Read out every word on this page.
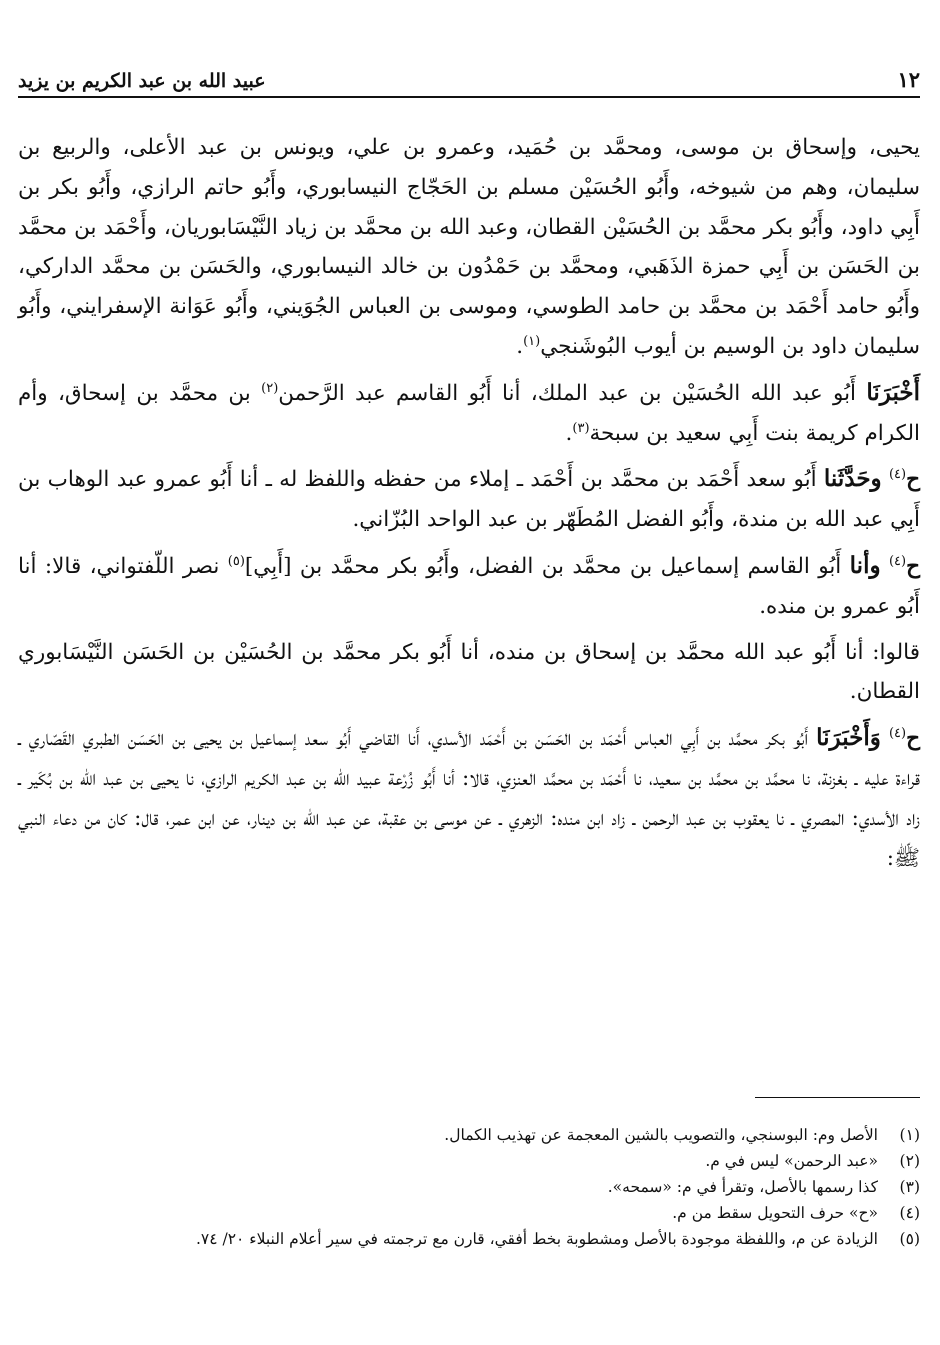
١٢
عبيد الله بن عبد الكريم بن يزيد

يحيى، وإسحاق بن موسى، ومحمَّد بن حُمَيد، وعمرو بن علي، ويونس بن عبد الأعلى، والربيع بن سليمان، وهم من شيوخه، وأَبُو الحُسَيْن مسلم بن الحَجّاج النيسابوري، وأَبُو حاتم الرازي، وأَبُو بكر بن أَبِي داود، وأَبُو بكر محمَّد بن الحُسَيْن القطان، وعبد الله بن محمَّد بن زياد النَّيْسَابوريان، وأَحْمَد بن محمَّد بن الحَسَن بن أَبِي حمزة الذَهَبي، ومحمَّد بن حَمْدُون بن خالد النيسابوري، والحَسَن بن محمَّد الداركي، وأَبُو حامد أَحْمَد بن محمَّد بن حامد الطوسي، وموسى بن العباس الجُوَيني، وأَبُو عَوَانة الإسفرايني، وأَبُو سليمان داود بن الوسيم بن أيوب البُوشَنجي$^{(١)}$.

أَخْبَرَنَا أَبُو عبد الله الحُسَيْن بن عبد الملك، أنا أَبُو القاسم عبد الرَّحمن$^{(٢)}$ بن محمَّد بن إسحاق، وأم الكرام كريمة بنت أَبِي سعيد بن سبحة$^{(٣)}$.

ح$^{(٤)}$ وحَدَّثَنا أَبُو سعد أَحْمَد بن محمَّد بن أَحْمَد ـ إملاء من حفظه واللفظ له ـ أنا أَبُو عمرو عبد الوهاب بن أَبِي عبد الله بن مندة، وأَبُو الفضل المُطَهّر بن عبد الواحد البُزّاني.

ح$^{(٤)}$ وأنا أَبُو القاسم إسماعيل بن محمَّد بن الفضل، وأَبُو بكر محمَّد بن [أَبِي]$^{(٥)}$ نصر اللّفتواني، قالا: أنا أَبُو عمرو بن منده.

قالوا: أنا أَبُو عبد الله محمَّد بن إسحاق بن منده، أنا أَبُو بكر محمَّد بن الحُسَيْن بن الحَسَن النَّيْسَابوري القطان.

ح$^{(٤)}$ وَأَخْبَرَنَا أَبُو بكر محمَّد بن أَبِي العباس أَحْمَد بن الحَسَن بن أَحْمَد الأسدي، أَنا القاضي أَبُو سعد إسماعيل بن يحيى بن الحَسَن الطبري القَصّاري ـ قراءة عليه ـ بغزنة، نا محمَّد بن محمَّد بن سعيد، نا أَحْمَد بن محمَّد العنزي، قالا: أنا أَبُو زُرْعة عبيد الله بن عبد الكريم الرازي، نا يحيى بن عبد الله بن بُكَير ـ زاد الأسدي: المصري ـ نا يعقوب بن عبد الرحمن ـ زاد ابن منده: الزهري ـ عن موسى بن عقبة، عن عبد الله بن دينار، عن ابن عمر، قال: كان من دعاء النبي ﷺ:

(١)
الأصل وم: البوسنجي، والتصويب بالشين المعجمة عن تهذيب الكمال.
(٢)
«عبد الرحمن» ليس في م.
(٣)
كذا رسمها بالأصل، وتقرأ في م: «سمحه».
(٤)
«ح» حرف التحويل سقط من م.
(٥)
الزيادة عن م، واللفظة موجودة بالأصل ومشطوبة بخط أفقي، قارن مع ترجمته في سير أعلام النبلاء ٢٠/ ٧٤.
